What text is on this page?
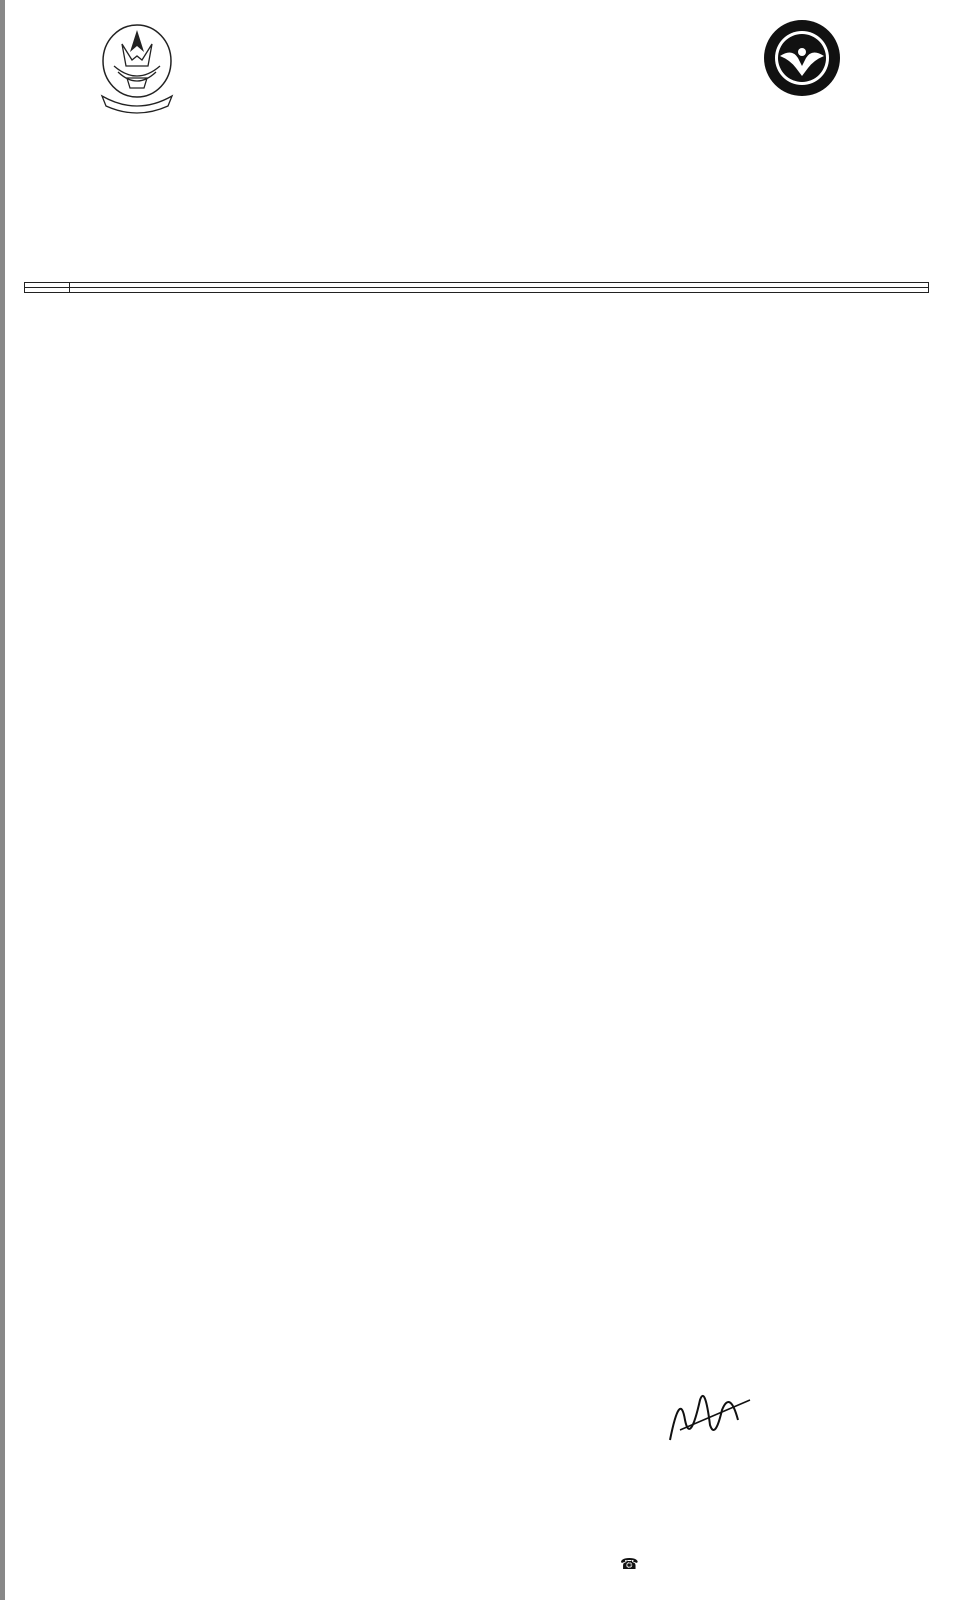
☎
